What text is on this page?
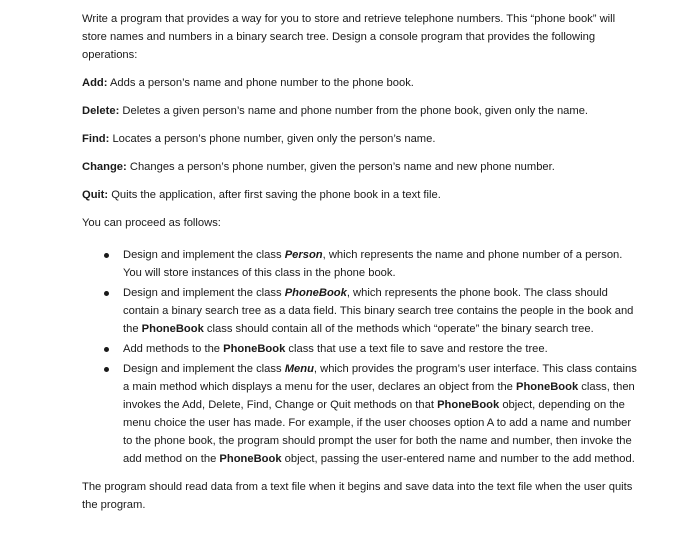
Write a program that provides a way for you to store and retrieve telephone numbers. This “phone book” will store names and numbers in a binary search tree. Design a console program that provides the following operations:

Add: Adds a person’s name and phone number to the phone book.

Delete: Deletes a given person’s name and phone number from the phone book, given only the name.

Find: Locates a person’s phone number, given only the person’s name.

Change: Changes a person’s phone number, given the person’s name and new phone number.

Quit: Quits the application, after first saving the phone book in a text file.

You can proceed as follows:

Design and implement the class Person, which represents the name and phone number of a person. You will store instances of this class in the phone book.
Design and implement the class PhoneBook, which represents the phone book. The class should contain a binary search tree as a data field. This binary search tree contains the people in the book and the PhoneBook class should contain all of the methods which “operate” the binary search tree.
Add methods to the PhoneBook class that use a text file to save and restore the tree.
Design and implement the class Menu, which provides the program’s user interface. This class contains a main method which displays a menu for the user, declares an object from the PhoneBook class, then invokes the Add, Delete, Find, Change or Quit methods on that PhoneBook object, depending on the menu choice the user has made. For example, if the user chooses option A to add a name and number to the phone book, the program should prompt the user for both the name and number, then invoke the add method on the PhoneBook object, passing the user-entered name and number to the add method.

The program should read data from a text file when it begins and save data into the text file when the user quits the program.
